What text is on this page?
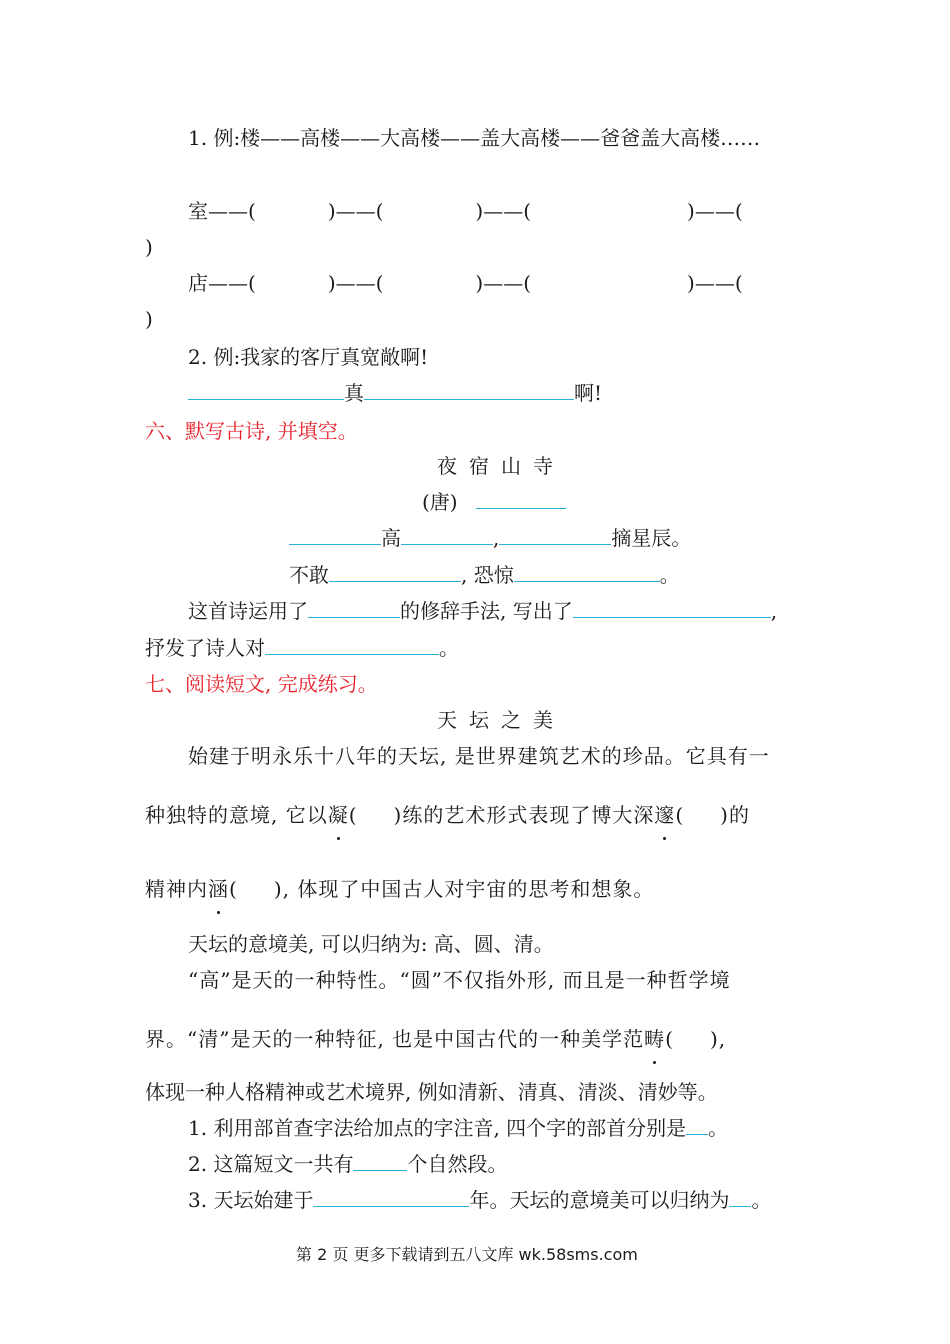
1. 例:楼——高楼——大高楼——盖大高楼——爸爸盖大高楼……
室——(	)——(	)——(	)——(
)
店——(	)——(	)——(	)——(
)
2. 例:我家的客厅真宽敞啊!
真	啊!
六、默写古诗, 并填空。
夜宿山寺
(唐)
高	,	摘星辰。
不敢	, 恐惊	。
这首诗运用了	的修辞手法, 写出了	,
抒发了诗人对	。
七、阅读短文, 完成练习。
天坛之美
始建于明永乐十八年的天坛, 是世界建筑艺术的珍品。它具有一
种独特的意境, 它以凝( )练的艺术形式表现了博大深邃( )的
精神内涵( ), 体现了中国古人对宇宙的思考和想象。
天坛的意境美, 可以归纳为: 高、圆、清。
“高”是天的一种特性。“圆”不仅指外形, 而且是一种哲学境
界。“清”是天的一种特征, 也是中国古代的一种美学范畴( ),
体现一种人格精神或艺术境界, 例如清新、清真、清淡、清妙等。
1. 利用部首查字法给加点的字注音, 四个字的部首分别是 。
2. 这篇短文一共有	个自然段。
3. 天坛始建于	年。天坛的意境美可以归纳为 。
第 2 页 更多下载请到五八文库 wk.58sms.com
